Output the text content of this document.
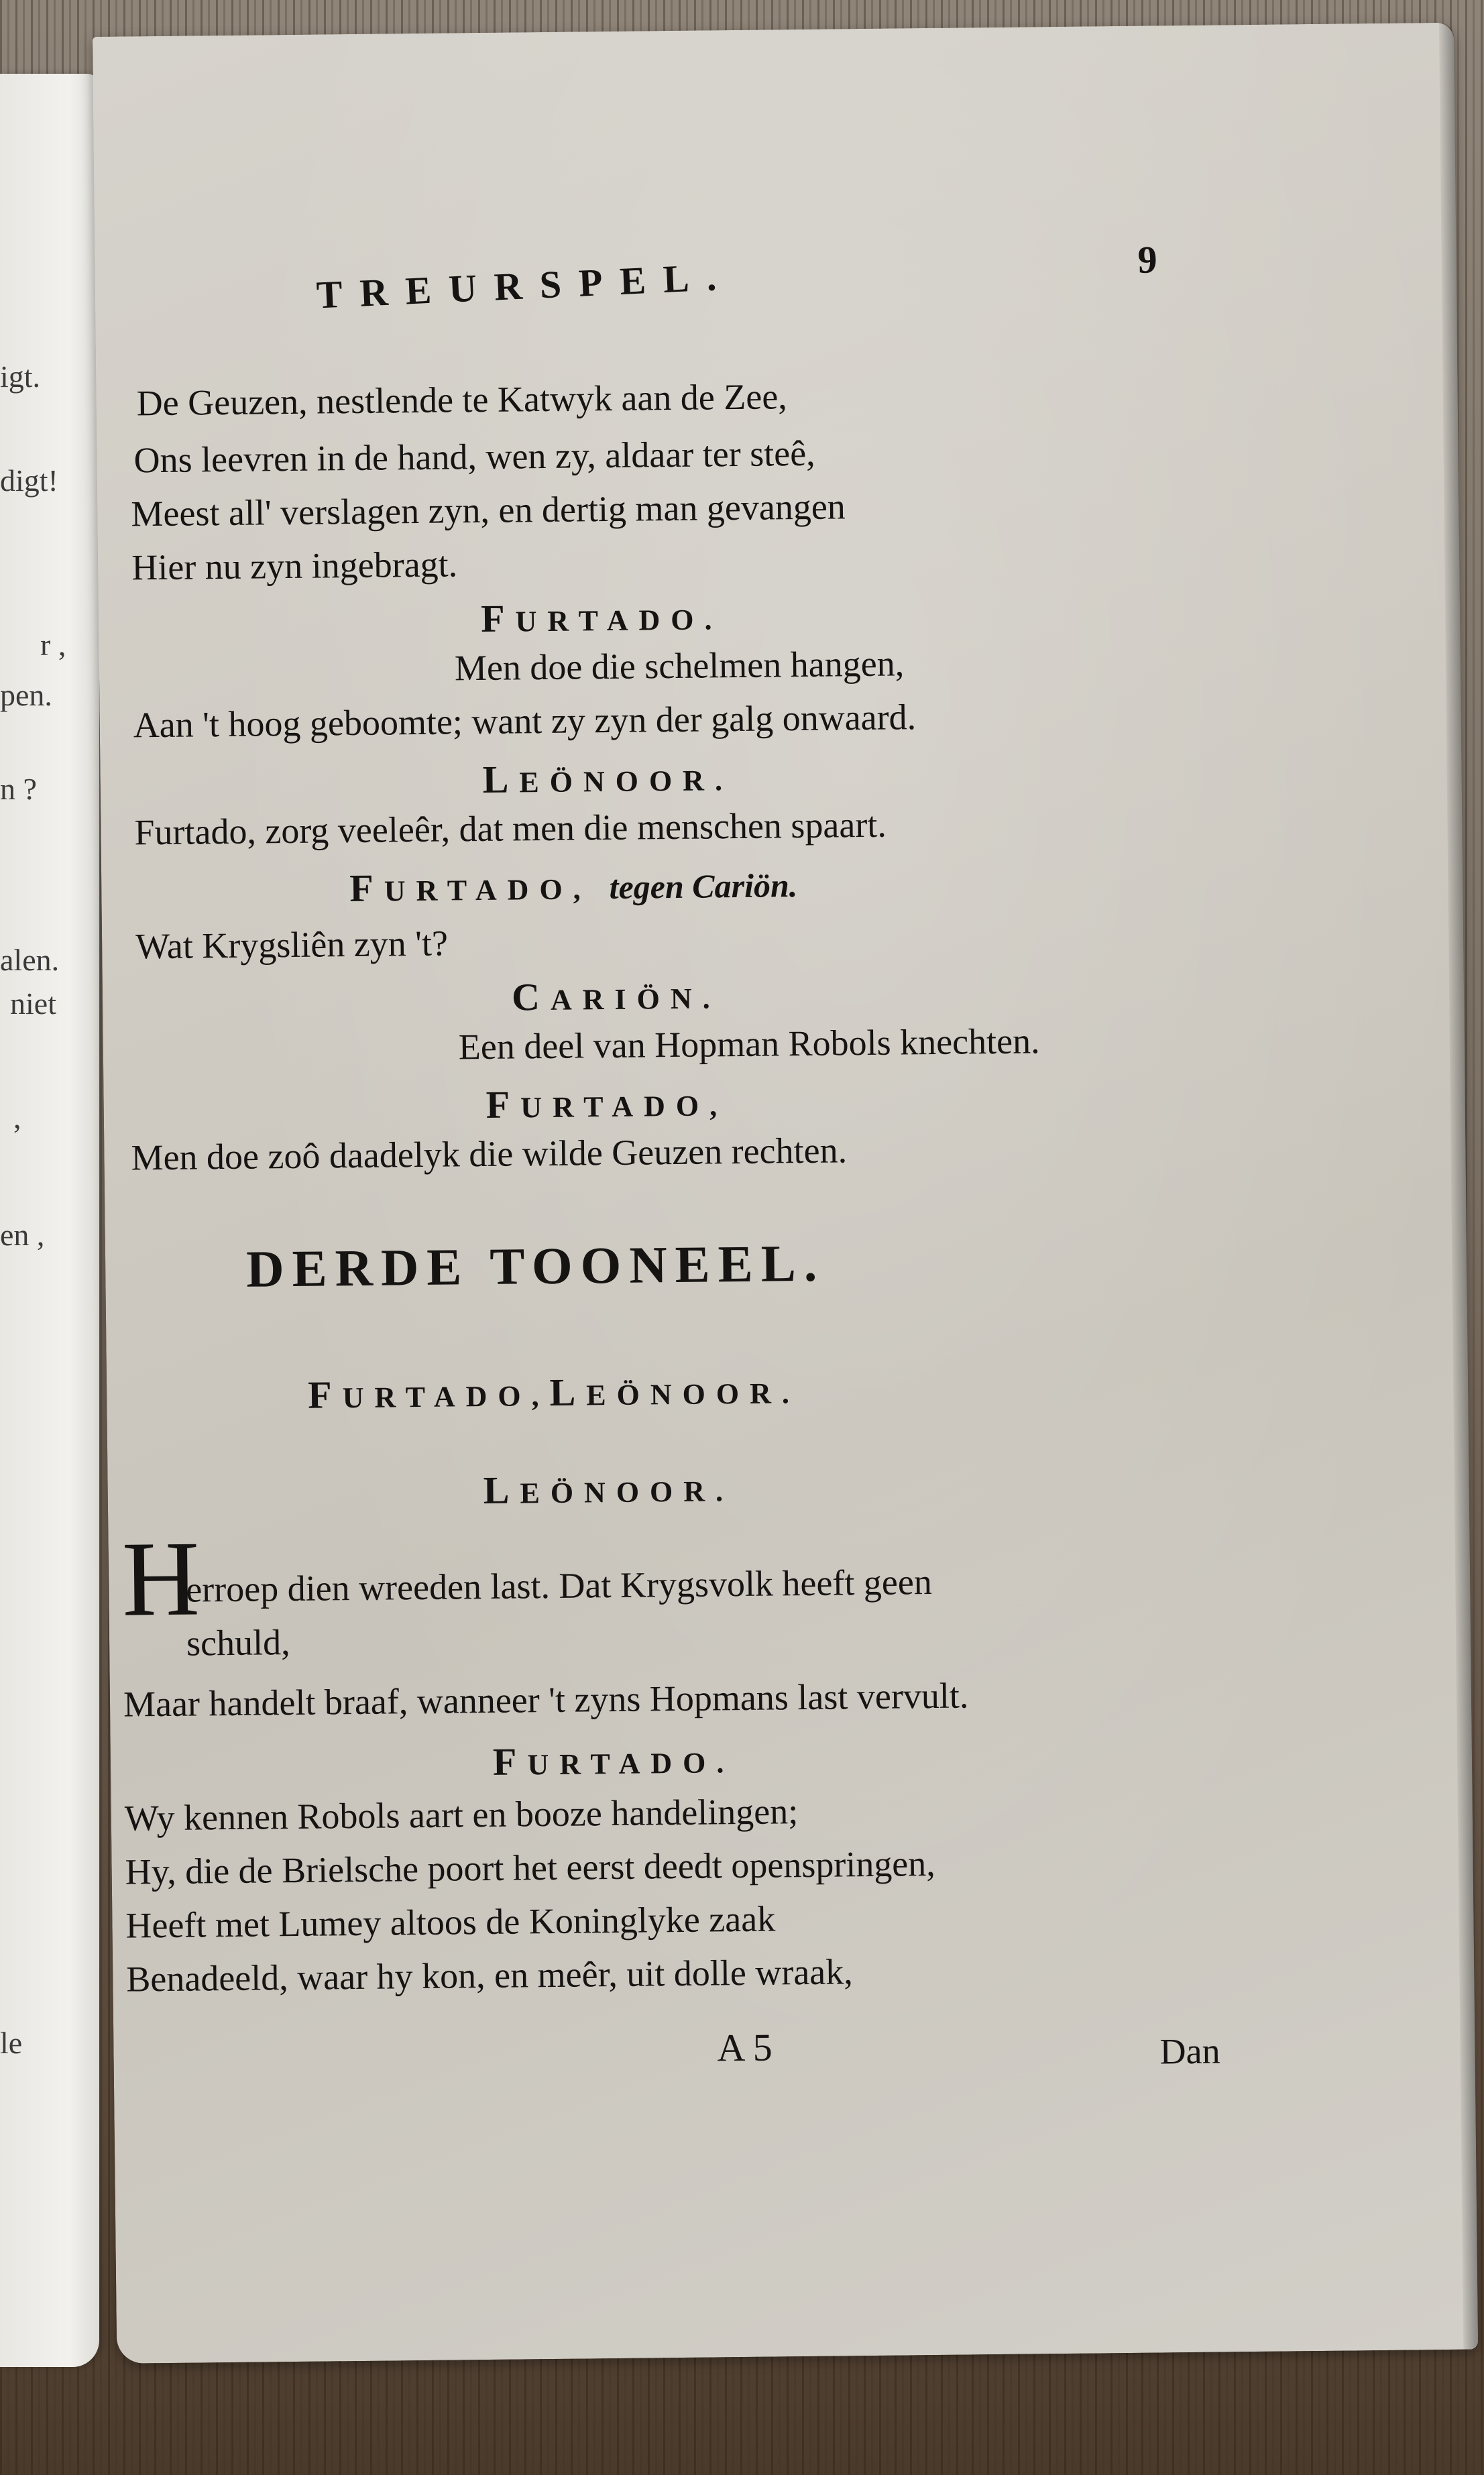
igt.
digt!
r ,
pen.
n ?
alen.
niet
,
en ,
le
TREURSPEL.	9
De Geuzen, nestlende te Katwyk aan de Zee,
Ons leevren in de hand, wen zy, aldaar ter steê,
Meest all' verslagen zyn, en dertig man gevangen
Hier nu zyn ingebragt.
FURTADO.
Men doe die schelmen hangen,
Aan 't hoog geboomte; want zy zyn der galg onwaard.
LEÖNOOR.
Furtado, zorg veeleêr, dat men die menschen spaart.
FURTADO, tegen Cariön.
Wat Krygsliên zyn 't?
CARIÖN.
Een deel van Hopman Robols knechten.
FURTADO,
Men doe zoô daadelyk die wilde Geuzen rechten.
DERDE TOONEEL.
FURTADO,LEÖNOOR.
LEÖNOOR.
H
erroep dien wreeden last. Dat Krygsvolk heeft geen
schuld,
Maar handelt braaf, wanneer 't zyns Hopmans last vervult.
FURTADO.
Wy kennen Robols aart en booze handelingen;
Hy, die de Brielsche poort het eerst deedt openspringen,
Heeft met Lumey altoos de Koninglyke zaak
Benadeeld, waar hy kon, en meêr, uit dolle wraak,
A 5	Dan
